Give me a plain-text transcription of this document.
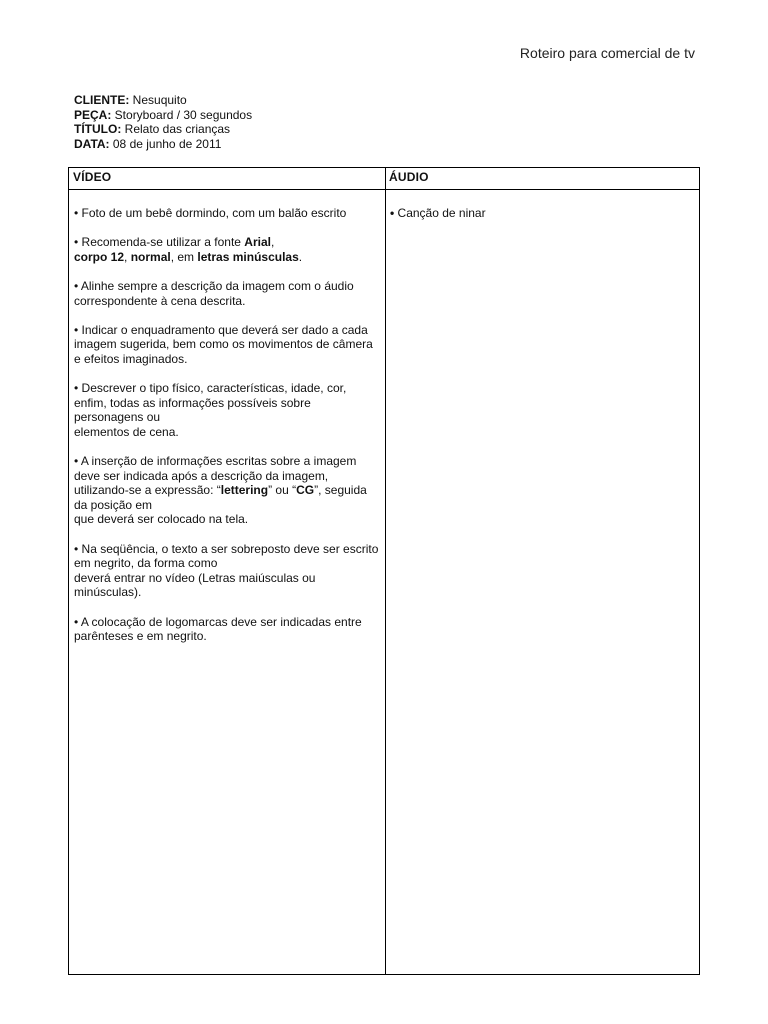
Roteiro para comercial de tv
CLIENTE: Nesuquito
PEÇA: Storyboard / 30 segundos
TÍTULO: Relato das crianças
DATA: 08 de junho de 2011
VÍDEO	ÁUDIO

• Foto de um bebê dormindo, com um balão escrito

• Recomenda-se utilizar a fonte Arial,
corpo 12, normal, em letras minúsculas.

• Alinhe sempre a descrição da imagem com o áudio correspondente à cena descrita.

• Indicar o enquadramento que deverá ser dado a cada imagem sugerida, bem como os movimentos de câmera e efeitos imaginados.

• Descrever o tipo físico, características, idade, cor, enfim, todas as informações possíveis sobre personagens ou
elementos de cena.

• A inserção de informações escritas sobre a imagem deve ser indicada após a descrição da imagem, utilizando-se a expressão: “lettering” ou “CG”, seguida da posição em
que deverá ser colocado na tela.

• Na seqüência, o texto a ser sobreposto deve ser escrito em negrito, da forma como
deverá entrar no vídeo (Letras maiúsculas ou minúsculas).

• A colocação de logomarcas deve ser indicadas entre parênteses e em negrito.

• Canção de ninar
